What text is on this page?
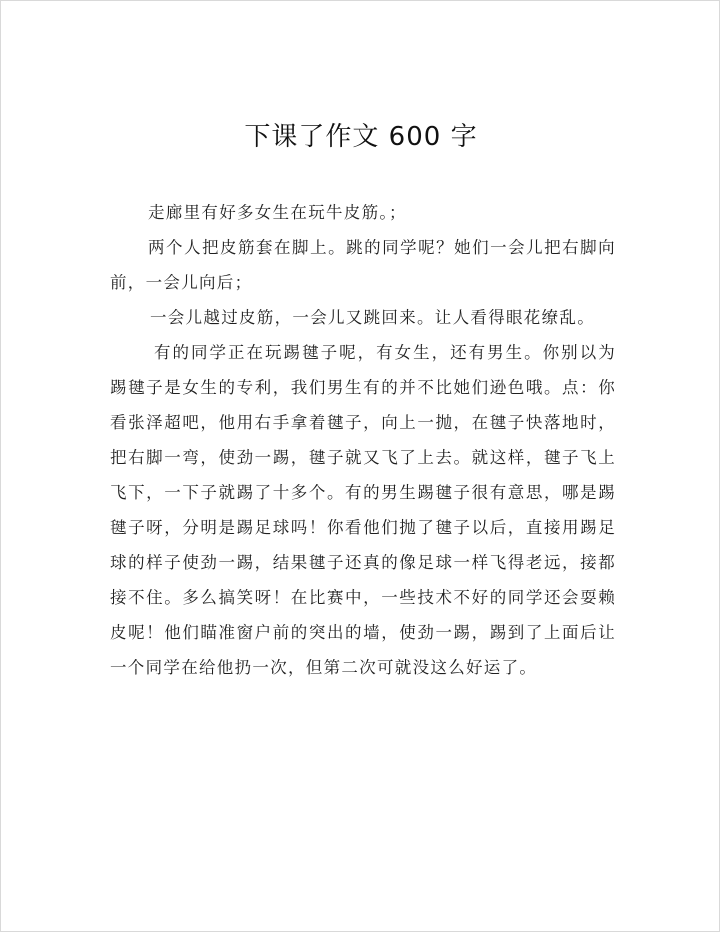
下课了作文 600 字

走廊里有好多女生在玩牛皮筋。；

两个人把皮筋套在脚上。跳的同学呢？她们一会儿把右脚向前，一会儿向后；

一会儿越过皮筋，一会儿又跳回来。让人看得眼花缭乱。

有的同学正在玩踢毽子呢，有女生，还有男生。你别以为踢毽子是女生的专利，我们男生有的并不比她们逊色哦。点：你看张泽超吧，他用右手拿着毽子，向上一抛，在毽子快落地时，把右脚一弯，使劲一踢，毽子就又飞了上去。就这样，毽子飞上飞下，一下子就踢了十多个。有的男生踢毽子很有意思，哪是踢毽子呀，分明是踢足球吗！你看他们抛了毽子以后，直接用踢足球的样子使劲一踢，结果毽子还真的像足球一样飞得老远，接都接不住。多么搞笑呀！在比赛中，一些技术不好的同学还会耍赖皮呢！他们瞄准窗户前的突出的墙，使劲一踢，踢到了上面后让一个同学在给他扔一次，但第二次可就没这么好运了。
